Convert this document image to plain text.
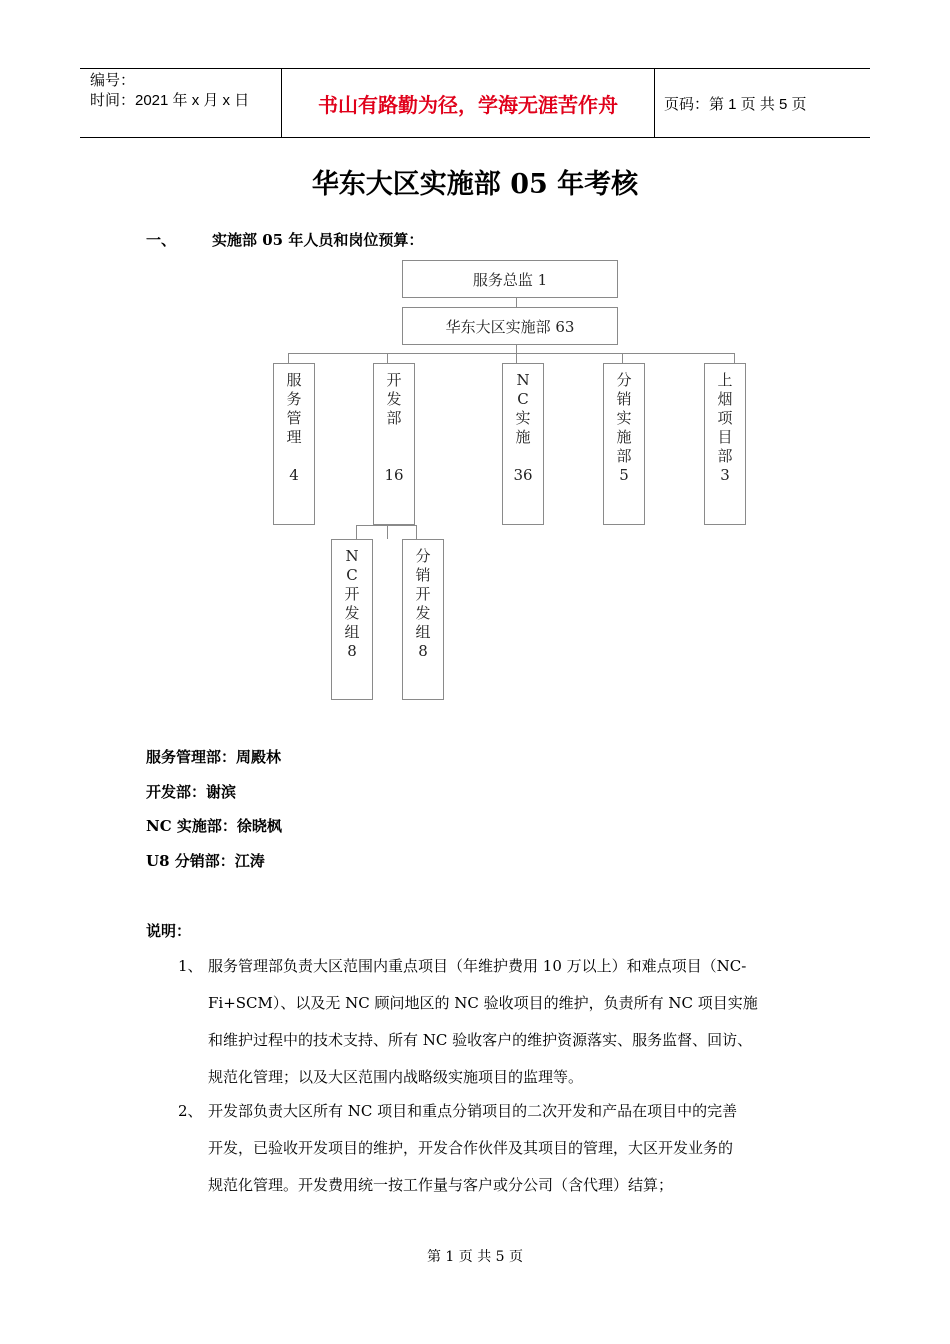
编号：
时间：2021 年 x 月 x 日	书山有路勤为径，学海无涯苦作舟	页码：第 1 页 共 5 页
华东大区实施部 05 年考核
一、 实施部 05 年人员和岗位预算：
服务总监 1
华东大区实施部 63
服
务
管
理

4
开
发
部

16
N
C
实
施

36
分
销
实
施
部
5
上
烟
项
目
部
3
N
C
开
发
组
8
分
销
开
发
组
8
服务管理部：周殿林
开发部：谢滨
NC 实施部：徐晓枫
U8 分销部：江涛
说明：
1、 服务管理部负责大区范围内重点项目（年维护费用 10 万以上）和难点项目（NC-
Fi+SCM）、以及无 NC 顾问地区的 NC 验收项目的维护，负责所有 NC 项目实施
和维护过程中的技术支持、所有 NC 验收客户的维护资源落实、服务监督、回访、
规范化管理；以及大区范围内战略级实施项目的监理等。
2、 开发部负责大区所有 NC 项目和重点分销项目的二次开发和产品在项目中的完善
开发，已验收开发项目的维护，开发合作伙伴及其项目的管理，大区开发业务的
规范化管理。开发费用统一按工作量与客户或分公司（含代理）结算；
第 1 页 共 5 页
